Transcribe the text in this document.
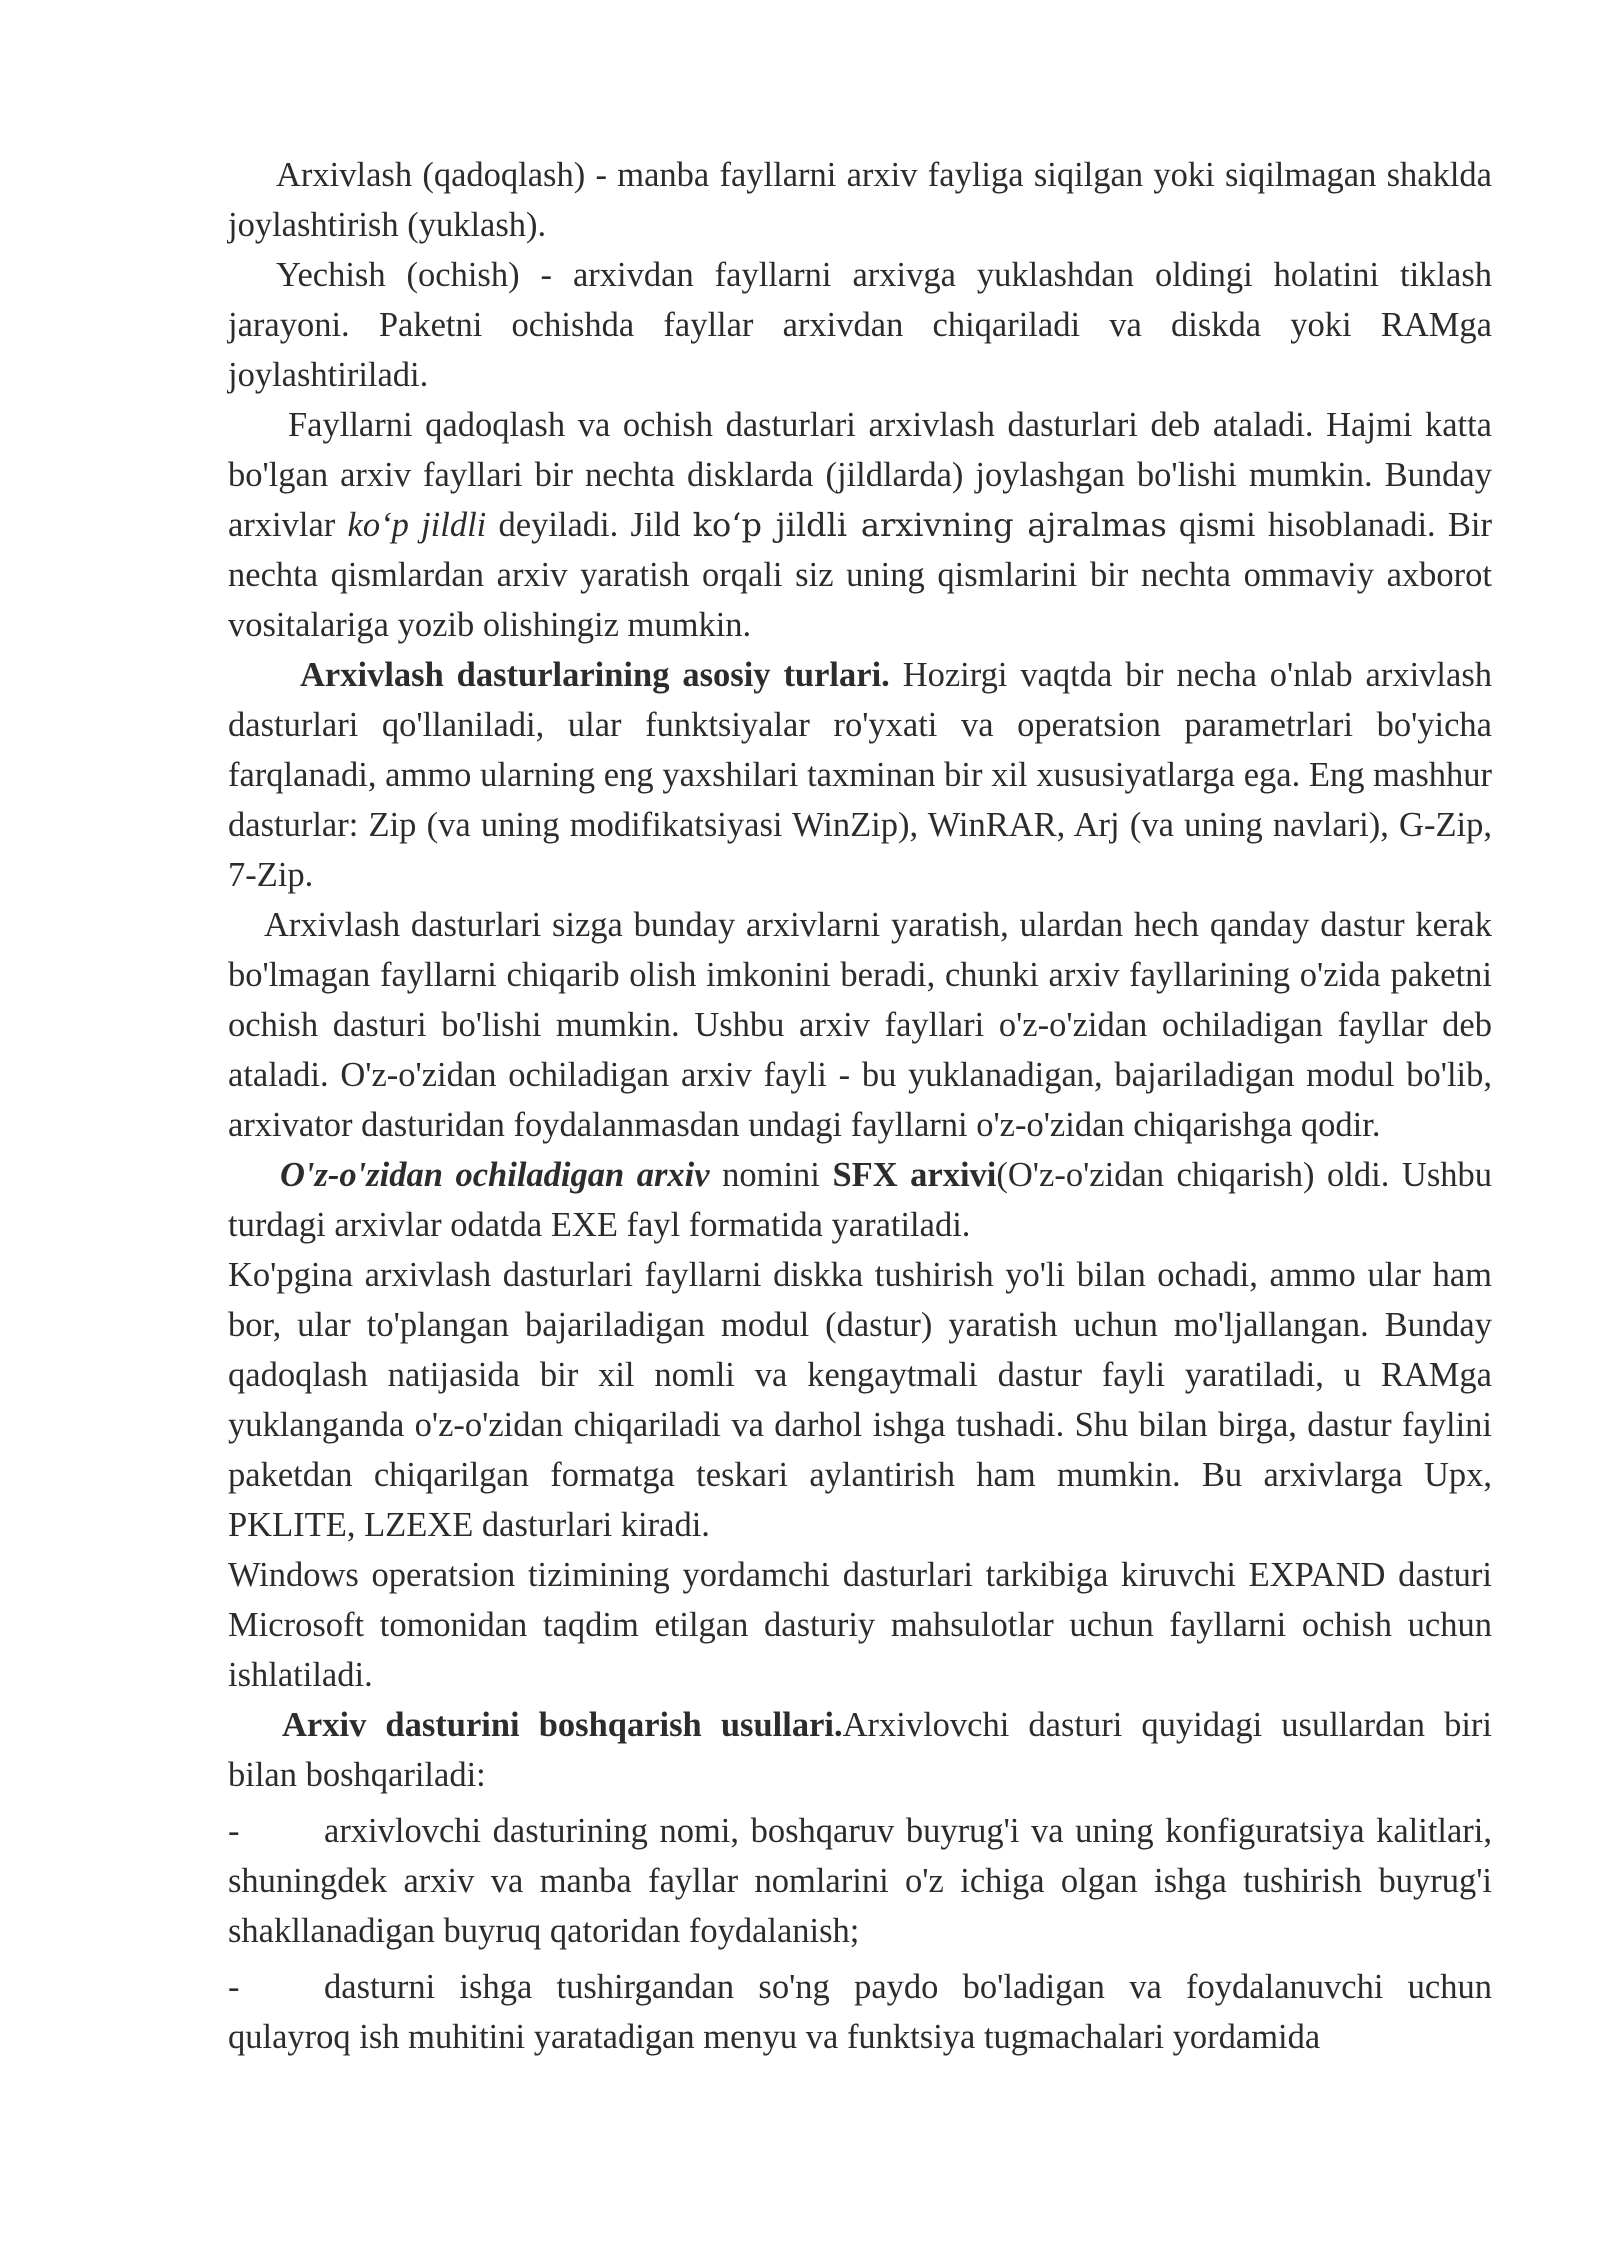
Arxivlash (qadoqlash) - manba fayllarni arxiv fayliga siqilgan yoki siqilmagan shaklda joylashtirish (yuklash).

Yechish (ochish) - arxivdan fayllarni arxivga yuklashdan oldingi holatini tiklash jarayoni. Paketni ochishda fayllar arxivdan chiqariladi va diskda yoki RAMga joylashtiriladi.

Fayllarni qadoqlash va ochish dasturlari arxivlash dasturlari deb ataladi. Hajmi katta bo'lgan arxiv fayllari bir nechta disklarda (jildlarda) joylashgan bo'lishi mumkin. Bunday arxivlar ko‘p jildli deyiladi. Jild ko‘p jildli arxivning ajralmas qismi hisoblanadi. Bir nechta qismlardan arxiv yaratish orqali siz uning qismlarini bir nechta ommaviy axborot vositalariga yozib olishingiz mumkin.

Arxivlash dasturlarining asosiy turlari. Hozirgi vaqtda bir necha o'nlab arxivlash dasturlari qo'llaniladi, ular funktsiyalar ro'yxati va operatsion parametrlari bo'yicha farqlanadi, ammo ularning eng yaxshilari taxminan bir xil xususiyatlarga ega. Eng mashhur dasturlar: Zip (va uning modifikatsiyasi WinZip), WinRAR, Arj (va uning navlari), G-Zip, 7-Zip.

Arxivlash dasturlari sizga bunday arxivlarni yaratish, ulardan hech qanday dastur kerak bo'lmagan fayllarni chiqarib olish imkonini beradi, chunki arxiv fayllarining o'zida paketni ochish dasturi bo'lishi mumkin. Ushbu arxiv fayllari o'z-o'zidan ochiladigan fayllar deb ataladi. O'z-o'zidan ochiladigan arxiv fayli - bu yuklanadigan, bajariladigan modul bo'lib, arxivator dasturidan foydalanmasdan undagi fayllarni o'z-o'zidan chiqarishga qodir.

O'z-o'zidan ochiladigan arxiv nomini SFX arxivi(O'z-o'zidan chiqarish) oldi. Ushbu turdagi arxivlar odatda EXE fayl formatida yaratiladi.

Ko'pgina arxivlash dasturlari fayllarni diskka tushirish yo'li bilan ochadi, ammo ular ham bor, ular to'plangan bajariladigan modul (dastur) yaratish uchun mo'ljallangan. Bunday qadoqlash natijasida bir xil nomli va kengaytmali dastur fayli yaratiladi, u RAMga yuklanganda o'z-o'zidan chiqariladi va darhol ishga tushadi. Shu bilan birga, dastur faylini paketdan chiqarilgan formatga teskari aylantirish ham mumkin. Bu arxivlarga Upx, PKLITE, LZEXE dasturlari kiradi.

Windows operatsion tizimining yordamchi dasturlari tarkibiga kiruvchi EXPAND dasturi Microsoft tomonidan taqdim etilgan dasturiy mahsulotlar uchun fayllarni ochish uchun ishlatiladi.

Arxiv dasturini boshqarish usullari.Arxivlovchi dasturi quyidagi usullardan biri bilan boshqariladi:

- arxivlovchi dasturining nomi, boshqaruv buyrug'i va uning konfiguratsiya kalitlari, shuningdek arxiv va manba fayllar nomlarini o'z ichiga olgan ishga tushirish buyrug'i shakllanadigan buyruq qatoridan foydalanish;

- dasturni ishga tushirgandan so'ng paydo bo'ladigan va foydalanuvchi uchun qulayroq ish muhitini yaratadigan menyu va funktsiya tugmachalari yordamida
